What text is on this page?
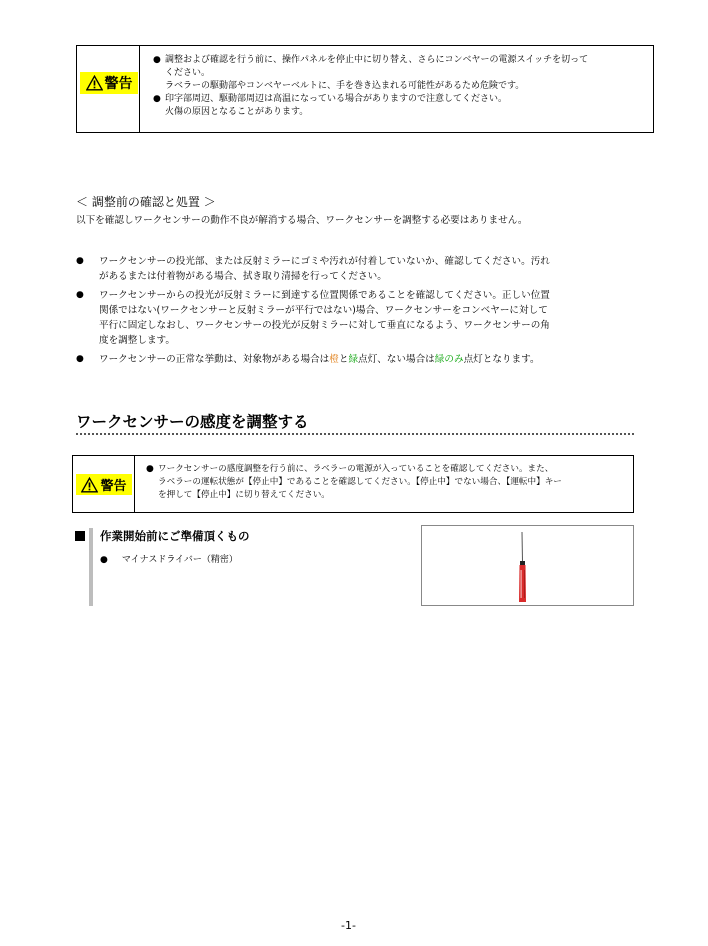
警告
● 調整および確認を行う前に、操作パネルを停止中に切り替え、さらにコンベヤーの電源スイッチを切って
ください。
ラベラーの駆動部やコンベヤーベルトに、手を巻き込まれる可能性があるため危険です。
● 印字部周辺、駆動部周辺は高温になっている場合がありますので注意してください。
火傷の原因となることがあります。
＜ 調整前の確認と処置 ＞
以下を確認しワークセンサーの動作不良が解消する場合、ワークセンサーを調整する必要はありません。
● ワークセンサーの投光部、または反射ミラーにゴミや汚れが付着していないか、確認してください。汚れ
があるまたは付着物がある場合、拭き取り清掃を行ってください。
● ワークセンサーからの投光が反射ミラーに到達する位置関係であることを確認してください。正しい位置
関係ではない(ワークセンサーと反射ミラーが平行ではない)場合、ワークセンサーをコンベヤーに対して
平行に固定しなおし、ワークセンサーの投光が反射ミラーに対して垂直になるよう、ワークセンサーの角
度を調整します。
● ワークセンサーの正常な挙動は、対象物がある場合は橙と緑点灯、ない場合は緑のみ点灯となります。
ワークセンサーの感度を調整する
警告
● ワークセンサーの感度調整を行う前に、ラベラーの電源が入っていることを確認してください。また、
ラベラーの運転状態が【停止中】であることを確認してください。【停止中】でない場合、【運転中】キー
を押して【停止中】に切り替えてください。
作業開始前にご準備頂くもの
● マイナスドライバー（精密）
-1-
